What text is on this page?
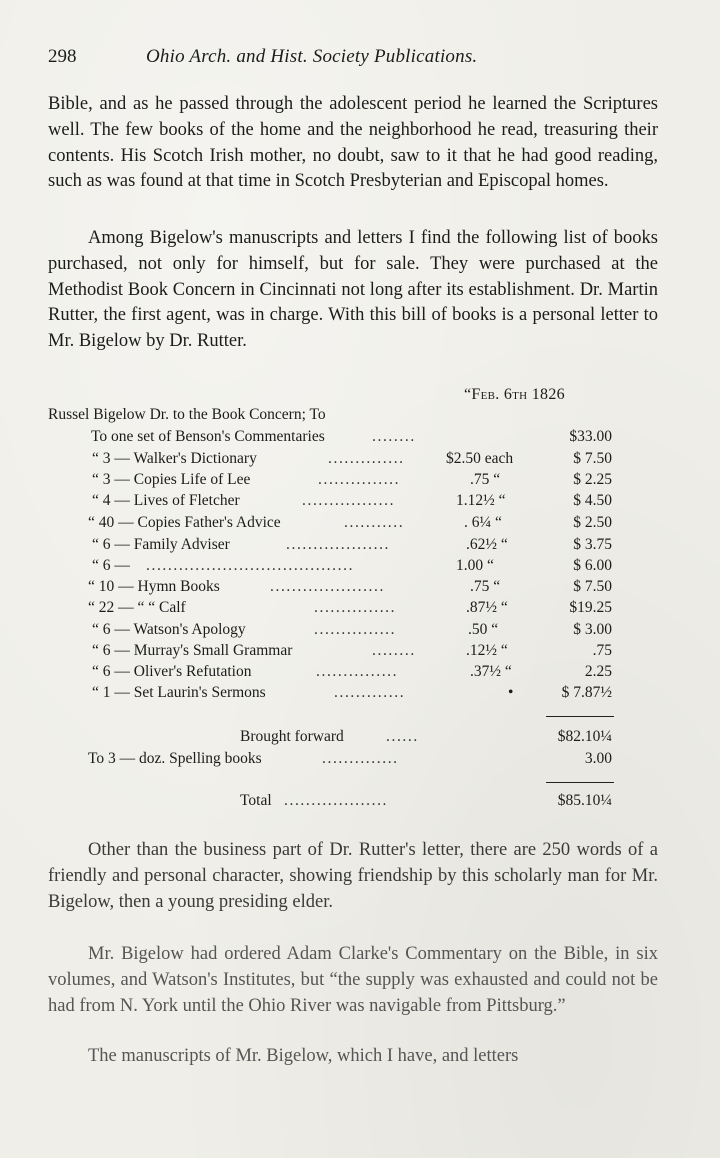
298	Ohio Arch. and Hist. Society Publications.
Bible, and as he passed through the adolescent period he learned the Scriptures well. The few books of the home and the neighborhood he read, treasuring their contents. His Scotch Irish mother, no doubt, saw to it that he had good reading, such as was found at that time in Scotch Presbyterian and Episcopal homes.
Among Bigelow's manuscripts and letters I find the following list of books purchased, not only for himself, but for sale. They were purchased at the Methodist Book Concern in Cincinnati not long after its establishment. Dr. Martin Rutter, the first agent, was in charge. With this bill of books is a personal letter to Mr. Bigelow by Dr. Rutter.
“Feb. 6th 1826
Russel Bigelow Dr. to the Book Concern; To
To one set of Benson's Commentaries	........	$33.00
“ 3 — Walker's Dictionary	..............	$2.50 each	$ 7.50
“ 3 — Copies Life of Lee	...............	.75 “	$ 2.25
“ 4 — Lives of Fletcher	.................	1.12½ “	$ 4.50
“ 40 — Copies Father's Advice	...........	. 6¼ “	$ 2.50
“ 6 — Family Adviser	...................	.62½ “	$ 3.75
“ 6 — ......................................	1.00 “	$ 6.00
“ 10 — Hymn Books	.....................	.75 “	$ 7.50
“ 22 — “ “ Calf	...............	.87½ “	$19.25
“ 6 — Watson's Apology	...............	.50 “	$ 3.00
“ 6 — Murray's Small Grammar	........	.12½ “	.75
“ 6 — Oliver's Refutation	...............	.37½ “	2.25
“ 1 — Set Laurin's Sermons	.............	•	$ 7.87½
Brought forward	......	$82.10¼
To 3 — doz. Spelling books	..............	3.00
Total ...................	$85.10¼
Other than the business part of Dr. Rutter's letter, there are 250 words of a friendly and personal character, showing friendship by this scholarly man for Mr. Bigelow, then a young presiding elder.
Mr. Bigelow had ordered Adam Clarke's Commentary on the Bible, in six volumes, and Watson's Institutes, but “the supply was exhausted and could not be had from N. York until the Ohio River was navigable from Pittsburg.”
The manuscripts of Mr. Bigelow, which I have, and letters
